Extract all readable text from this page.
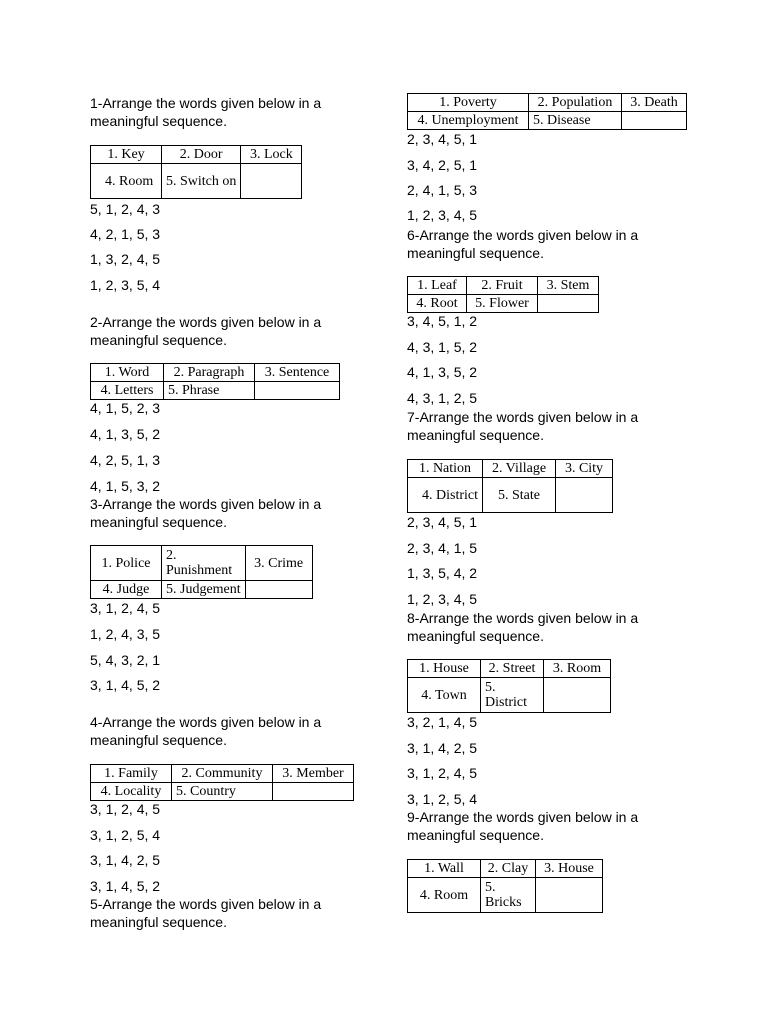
1-Arrange the words given below in a meaningful sequence.

1. Key	2. Door	3. Lock
4. Room	5. Switch on	

5, 1, 2, 4, 3

4, 2, 1, 5, 3

1, 3, 2, 4, 5

1, 2, 3, 5, 4

2-Arrange the words given below in a meaningful sequence.

1. Word	2. Paragraph	3. Sentence
4. Letters	5. Phrase	

4, 1, 5, 2, 3

4, 1, 3, 5, 2

4, 2, 5, 1, 3

4, 1, 5, 3, 2

3-Arrange the words given below in a meaningful sequence.

1. Police	2. Punishment	3. Crime
4. Judge	5. Judgement	

3, 1, 2, 4, 5

1, 2, 4, 3, 5

5, 4, 3, 2, 1

3, 1, 4, 5, 2

4-Arrange the words given below in a meaningful sequence.

1. Family	2. Community	3. Member
4. Locality	5. Country	

3, 1, 2, 4, 5

3, 1, 2, 5, 4

3, 1, 4, 2, 5

3, 1, 4, 5, 2

5-Arrange the words given below in a meaningful sequence.

1. Poverty	2. Population	3. Death
4. Unemployment	5. Disease	

2, 3, 4, 5, 1

3, 4, 2, 5, 1

2, 4, 1, 5, 3

1, 2, 3, 4, 5

6-Arrange the words given below in a meaningful sequence.

1. Leaf	2. Fruit	3. Stem
4. Root	5. Flower	

3, 4, 5, 1, 2

4, 3, 1, 5, 2

4, 1, 3, 5, 2

4, 3, 1, 2, 5

7-Arrange the words given below in a meaningful sequence.

1. Nation	2. Village	3. City
4. District	5. State	

2, 3, 4, 5, 1

2, 3, 4, 1, 5

1, 3, 5, 4, 2

1, 2, 3, 4, 5

8-Arrange the words given below in a meaningful sequence.

1. House	2. Street	3. Room
4. Town	5. District	

3, 2, 1, 4, 5

3, 1, 4, 2, 5

3, 1, 2, 4, 5

3, 1, 2, 5, 4

9-Arrange the words given below in a meaningful sequence.

1. Wall	2. Clay	3. House
4. Room	5. Bricks	
